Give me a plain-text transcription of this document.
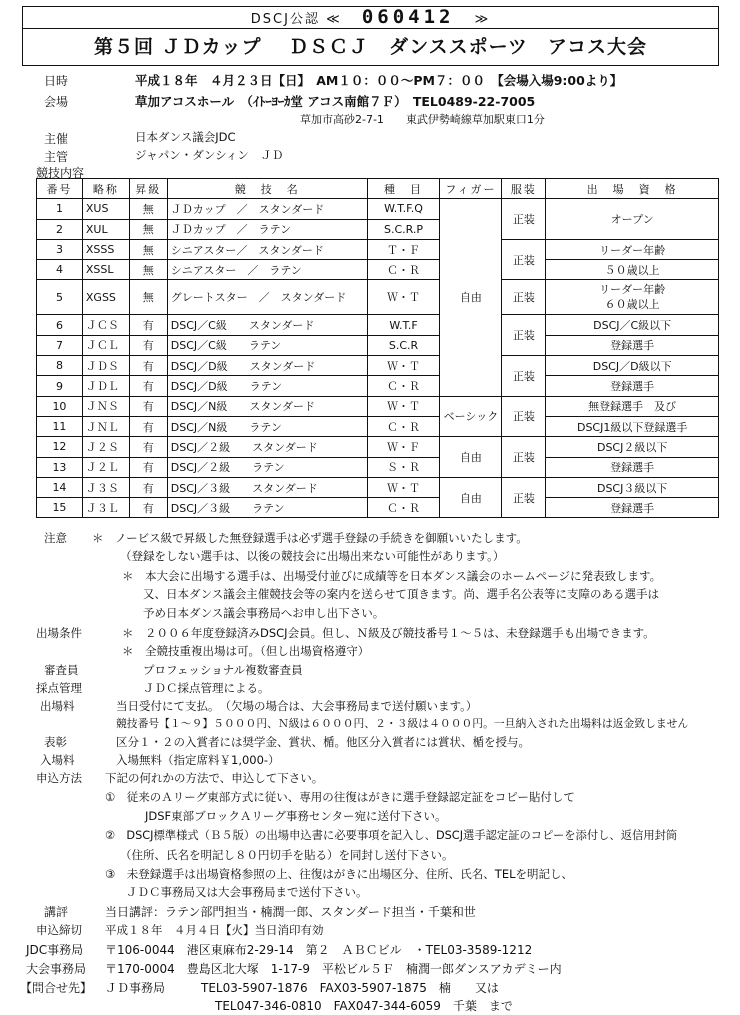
DSCJ公認 ≪ 060412 ≫
第５回 ＪＤカップ　 ＤＳＣＪ　ダンススポーツ　アコス大会
日時	平成１８年　４月２３日【日】　AM１０：００～PM７：００　【会場入場9:00より】
会場	草加アコスホール　（ｲﾄｰﾖｰｶ堂 アコス南館７Ｆ）　TEL0489-22-7005
草加市高砂2-7-1　　東武伊勢崎線草加駅東口1分
主催	日本ダンス議会JDC
主管	ジャパン・ダンシィン　ＪＤ
競技内容
番号	略称	昇級	競　技　名	種　目	フィガー	服装	出　場　資　格
1	XUS	無	ＪＤカップ　／　スタンダード	W.T.F.Q	自由	正装	オープン
2	XUL	無	ＪＤカップ　／　ラテン	S.C.R.P			
3	XSSS	無	シニアスター／　スタンダード	Ｔ・Ｆ		正装	リーダー年齢
4	XSSL	無	シニアスター　／　ラテン	Ｃ・Ｒ			５０歳以上
5	XGSS	無	グレートスター　／　スタンダード	Ｗ・Ｔ		正装	リーダー年齢
６０歳以上

6	ＪＣＳ	有	DSCJ／C級　　スタンダード	W.T.F		正装	DSCJ／C級以下
7	ＪＣＬ	有	DSCJ／C級　　ラテン	S.C.R			登録選手
8	ＪＤＳ	有	DSCJ／D級　　スタンダード	Ｗ・Ｔ		正装	DSCJ／D級以下
9	ＪＤＬ	有	DSCJ／D級　　ラテン	Ｃ・Ｒ			登録選手
10	ＪＮＳ	有	DSCJ／N級　　スタンダード	Ｗ・Ｔ	ベーシック	正装	無登録選手　及び
11	ＪＮＬ	有	DSCJ／N級　　ラテン	Ｃ・Ｒ			DSCJ1級以下登録選手
12	Ｊ２Ｓ	有	DSCJ／２級　　スタンダード	Ｗ・Ｆ	自由	正装	DSCJ２級以下
13	Ｊ２Ｌ	有	DSCJ／２級　　ラテン	Ｓ・Ｒ			登録選手
14	Ｊ３Ｓ	有	DSCJ／３級　　スタンダード	Ｗ・Ｔ	自由	正装	DSCJ３級以下
15	Ｊ３Ｌ	有	DSCJ／３級　　ラテン	Ｃ・Ｒ			登録選手
注意 ＊　ノービス級で昇級した無登録選手は必ず選手登録の手続きを御願いいたします。
（登録をしない選手は、以後の競技会に出場出来ない可能性があります。）
＊　本大会に出場する選手は、出場受付並びに成績等を日本ダンス議会のホームページに発表致します。
又、日本ダンス議会主催競技会等の案内を送らせて頂きます。尚、選手名公表等に支障のある選手は
予め日本ダンス議会事務局へお申し出下さい。
出場条件	＊　２００６年度登録済みDSCJ会員。但し、Ｎ級及び競技番号１～５は、未登録選手も出場できます。
＊　全競技重複出場は可。（但し出場資格遵守）
審査員	プロフェッショナル複数審査員
採点管理	ＪＤＣ採点管理による。
出場料	当日受付にて支払。　（欠場の場合は、大会事務局まで送付願います。）
競技番号【１～９】５０００円、Ｎ級は６０００円、２・３級は４０００円。一旦納入された出場料は返金致しません
表彰	区分１・２の入賞者には奨学金、賞状、楯。他区分入賞者には賞状、楯を授与。
入場料	入場無料（指定席料￥1,000-）
申込方法 下記の何れかの方法で、申込して下さい。
①　従来のＡリーグ東部方式に従い、専用の往復はがきに選手登録認定証をコピー貼付して
JDSF東部ブロックＡリーグ事務センター宛に送付下さい。
②　DSCJ標準様式（Ｂ５版）の出場申込書に必要事項を記入し、DSCJ選手認定証のコピーを添付し、返信用封筒
（住所、氏名を明記し８０円切手を貼る）を同封し送付下さい。
③　未登録選手は出場資格参照の上、往復はがきに出場区分、住所、氏名、TELを明記し、
ＪＤＣ事務局又は大会事務局まで送付下さい。
講評	当日講評：ラテン部門担当・楠潤一郎、スタンダード担当・千葉和世
申込締切 平成１８年　４月４日【火】当日消印有効
JDC事務局 〒106-0044　港区東麻布2-29-14　第２　ＡＢＣビル　・TEL03-3589-1212
大会事務局 〒170-0004　豊島区北大塚　1-17-9　平松ビル５Ｆ　楠潤一郎ダンスアカデミー内
【問合せ先】 ＪＤ事務局　　　TEL03-5907-1876　FAX03-5907-1875　楠　　又は
TEL047-346-0810　FAX047-344-6059　千葉　まで
